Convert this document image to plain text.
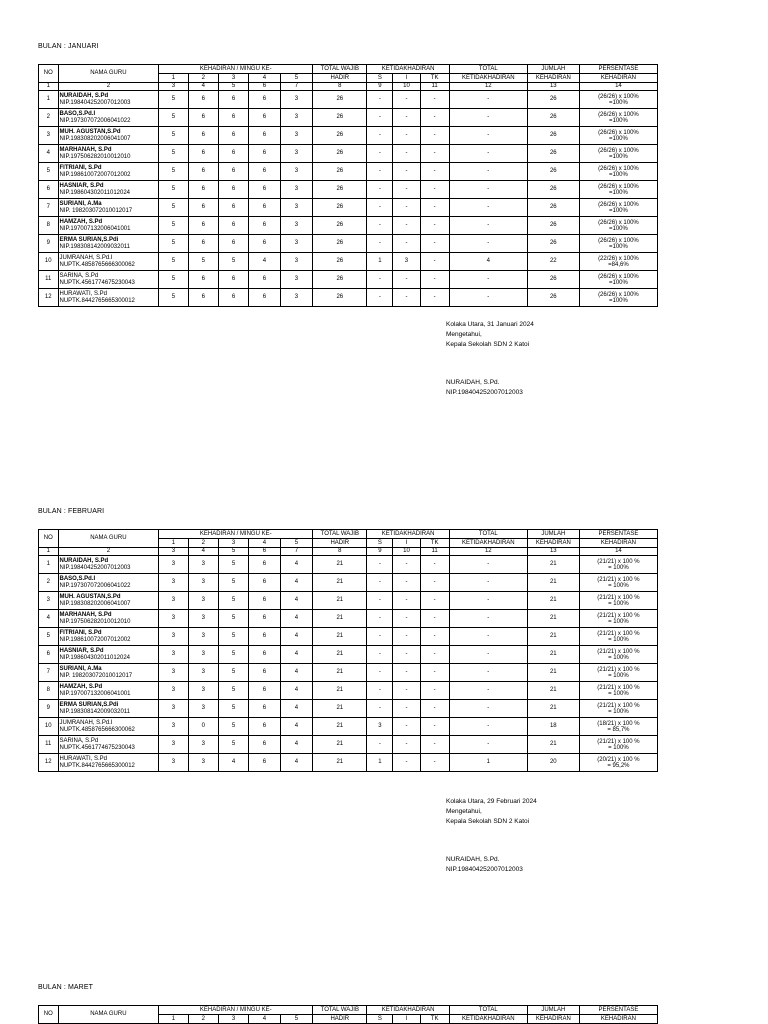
BULAN : JANUARI
NO	NAMA GURU	KEHADIRAN / MINGU KE-					TOTAL WAJIB	KETIDAKHADIRAN			TOTAL	JUMLAH	PERSENTASE
		1	2	3	4	5	HADIR	S	I	TK	KETIDAKHADIRAN	KEHADIRAN	KEHADIRAN
1	2	3	4	5	6	7	8	9	10	11	12	13	14
1	NURAIDAH, S.Pd
NIP.198404252007012003	5	6	6	6	3	26	-	-	-	-	26	(26/26) x 100%
=100%

2	BASO,S.Pd.I
NIP.197307072006041022	5	6	6	6	3	26	-	-	-	-	26	(26/26) x 100%
=100%

3	MUH. AGUSTAN,S.Pd
NIP.198308202006041007	5	6	6	6	3	26	-	-	-	-	26	(26/26) x 100%
=100%

4	MARHANAH, S.Pd
NIP.197506282010012010	5	6	6	6	3	26	-	-	-	-	26	(26/26) x 100%
=100%

5	FITRIANI, S.Pd
NIP.198610072007012002	5	6	6	6	3	26	-	-	-	-	26	(26/26) x 100%
=100%

6	HASNIAR, S.Pd
NIP.198604302011012024	5	6	6	6	3	26	-	-	-	-	26	(26/26) x 100%
=100%

7	SURIANI, A.Ma
NIP. 198203072010012017	5	6	6	6	3	26	-	-	-	-	26	(26/26) x 100%
=100%

8	HAMZAH, S.Pd
NIP.197007132006041001	5	6	6	6	3	26	-	-	-	-	26	(26/26) x 100%
=100%

9	ERMA SURIAN,S.Pdi
NIP.198308142009032011	5	6	6	6	3	26	-	-	-	-	26	(26/26) x 100%
=100%

10	JUMRANAH, S.Pd.I
NUPTK.4858765666300062	5	5	5	4	3	26	1	3	-	4	22	(22/26) x 100%
=84,6%

11	SARINA, S.Pd
NUPTK.4561774675230043	5	6	6	6	3	26	-	-	-	-	26	(26/26) x 100%
=100%

12	HURAWATI, S.Pd
NUPTK.8442765665300012	5	6	6	6	3	26	-	-	-	-	26	(26/26) x 100%
=100%
Kolaka Utara, 31 Januari 2024
Mengetahui,
Kepala Sekolah SDN 2 Katoi
NURAIDAH, S.Pd.
NIP.198404252007012003
BULAN : FEBRUARI
NO	NAMA GURU	KEHADIRAN / MINGU KE-					TOTAL WAJIB	KETIDAKHADIRAN			TOTAL	JUMLAH	PERSENTASE
		1	2	3	4	5	HADIR	S	I	TK	KETIDAKHADIRAN	KEHADIRAN	KEHADIRAN
1	2	3	4	5	6	7	8	9	10	11	12	13	14
1	NURAIDAH, S.Pd
NIP.198404252007012003	3	3	5	6	4	21	-	-	-	-	21	(21/21) x 100 %
= 100%

2	BASO,S.Pd.I
NIP.197307072006041022	3	3	5	6	4	21	-	-	-	-	21	(21/21) x 100 %
= 100%

3	MUH. AGUSTAN,S.Pd
NIP.198308202006041007	3	3	5	6	4	21	-	-	-	-	21	(21/21) x 100 %
= 100%

4	MARHANAH, S.Pd
NIP.197506282010012010	3	3	5	6	4	21	-	-	-	-	21	(21/21) x 100 %
= 100%

5	FITRIANI, S.Pd
NIP.198610072007012002	3	3	5	6	4	21	-	-	-	-	21	(21/21) x 100 %
= 100%

6	HASNIAR, S.Pd
NIP.198604302011012024	3	3	5	6	4	21	-	-	-	-	21	(21/21) x 100 %
= 100%

7	SURIANI, A.Ma
NIP. 198203072010012017	3	3	5	6	4	21	-	-	-	-	21	(21/21) x 100 %
= 100%

8	HAMZAH, S.Pd
NIP.197007132006041001	3	3	5	6	4	21	-	-	-	-	21	(21/21) x 100 %
= 100%

9	ERMA SURIAN,S.Pdi
NIP.198308142009032011	3	3	5	6	4	21	-	-	-	-	21	(21/21) x 100 %
= 100%

10	JUMRANAH, S.Pd.I
NUPTK.4858765666300062	3	0	5	6	4	21	3	-	-	-	18	(18/21) x 100 %
= 85,7%

11	SARINA, S.Pd
NUPTK.4561774675230043	3	3	5	6	4	21	-	-	-	-	21	(21/21) x 100 %
= 100%

12	HURAWATI, S.Pd
NUPTK.8442765665300012	3	3	4	6	4	21	1	-	-	1	20	(20/21) x 100 %
= 95,2%
Kolaka Utara, 29 Februari 2024
Mengetahui,
Kepala Sekolah SDN 2 Katoi
NURAIDAH, S.Pd.
NIP.198404252007012003
BULAN : MARET
NO	NAMA GURU	KEHADIRAN / MINGU KE-					TOTAL WAJIB	KETIDAKHADIRAN			TOTAL	JUMLAH	PERSENTASE
		1	2	3	4	5	HADIR	S	I	TK	KETIDAKHADIRAN	KEHADIRAN	KEHADIRAN
